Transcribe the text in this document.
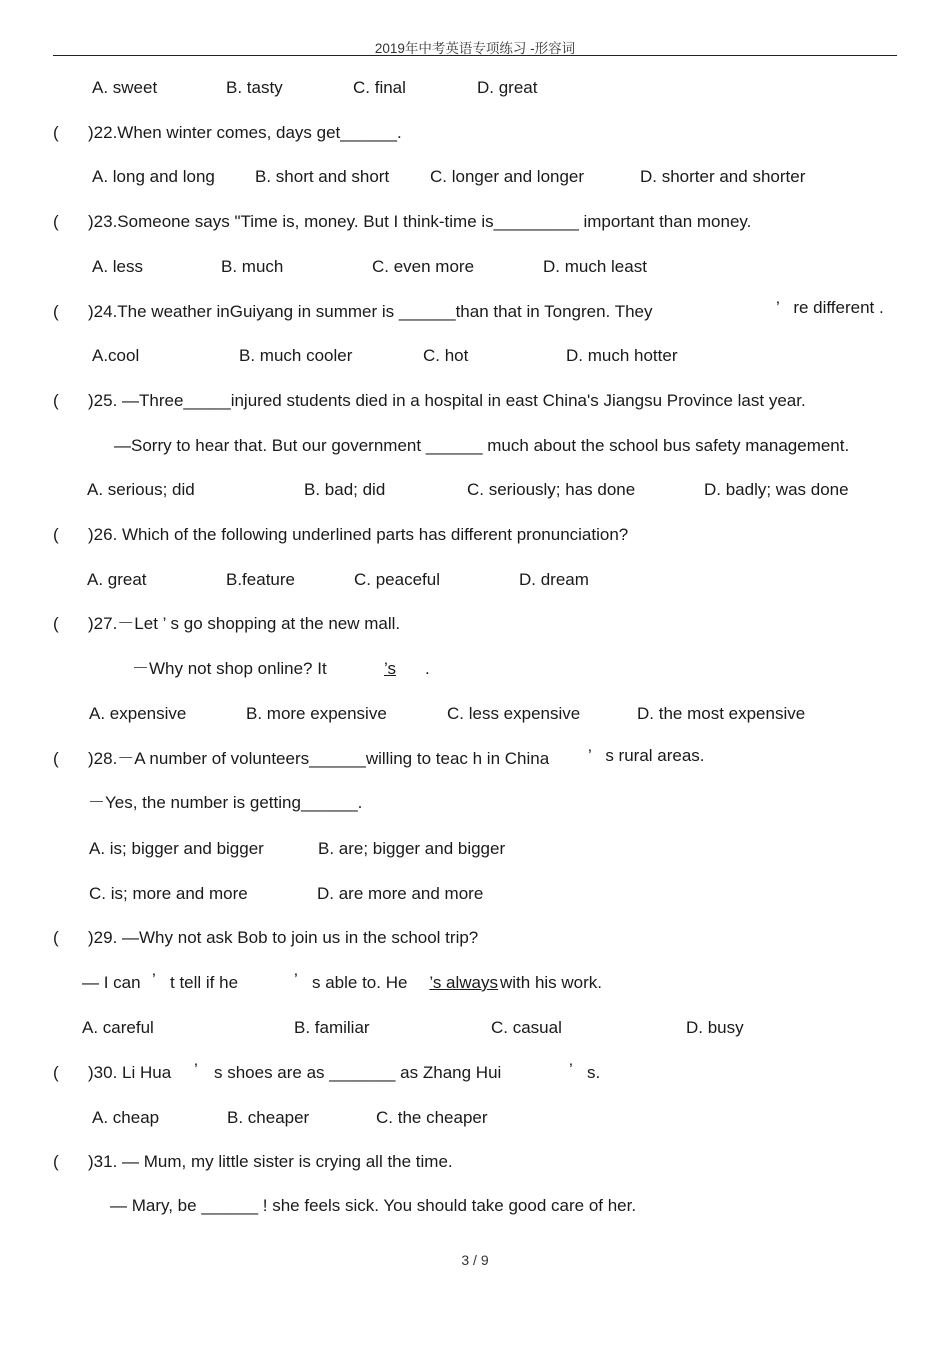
2019年中考英语专项练习 -形容词
A. sweet	B. tasty	C. final	D. great
( )22.When winter comes, days get______.
A. long and long B. short and short C. longer and longer	D. shorter and shorter
( )23.Someone says "Time is, money. But I think-time is_________ important than money.
A. less	B. much	C. even more	D. much least
( )24.The weather inGuiyang in summer is ______than that in Tongren. They	’   re different .
A.cool	B. much cooler	C. hot	D. much hotter
( )25. —Three_____injured students died in a hospital in east China's Jiangsu Province last year.
—Sorry to hear that. But our government ______ much about the school bus safety management.
A. serious; did	B. bad; did	C. seriously; has done	D. badly; was done
( )26. Which of the following underlined parts has different pronunciation?
A. great	B.feature	C. peaceful	D. dream
( )27.－Let ’ s go shopping at the new mall.
－Why not shop online? It	’s	.
A. expensive	B. more expensive	C. less expensive	D. the most expensive
( )28.－A number of volunteers______willing to teac h in China ’   s rural areas.
－Yes, the number is getting______.
A. is; bigger and bigger	B. are; bigger and bigger
C. is; more and more	D. are more and more
( )29. —Why not ask Bob to join us in the school trip?
— I can ’ t tell if he	’ s able to. He	’s always with his work.
A. careful	B. familiar	C. casual	D. busy
( )30. Li Hua ’ s shoes are as _______ as Zhang Hui	’ s.
A. cheap	B. cheaper	C. the cheaper
( )31. — Mum, my little sister is crying all the time.
— Mary, be ______ ! she feels sick. You should take good care of her.
3 / 9
